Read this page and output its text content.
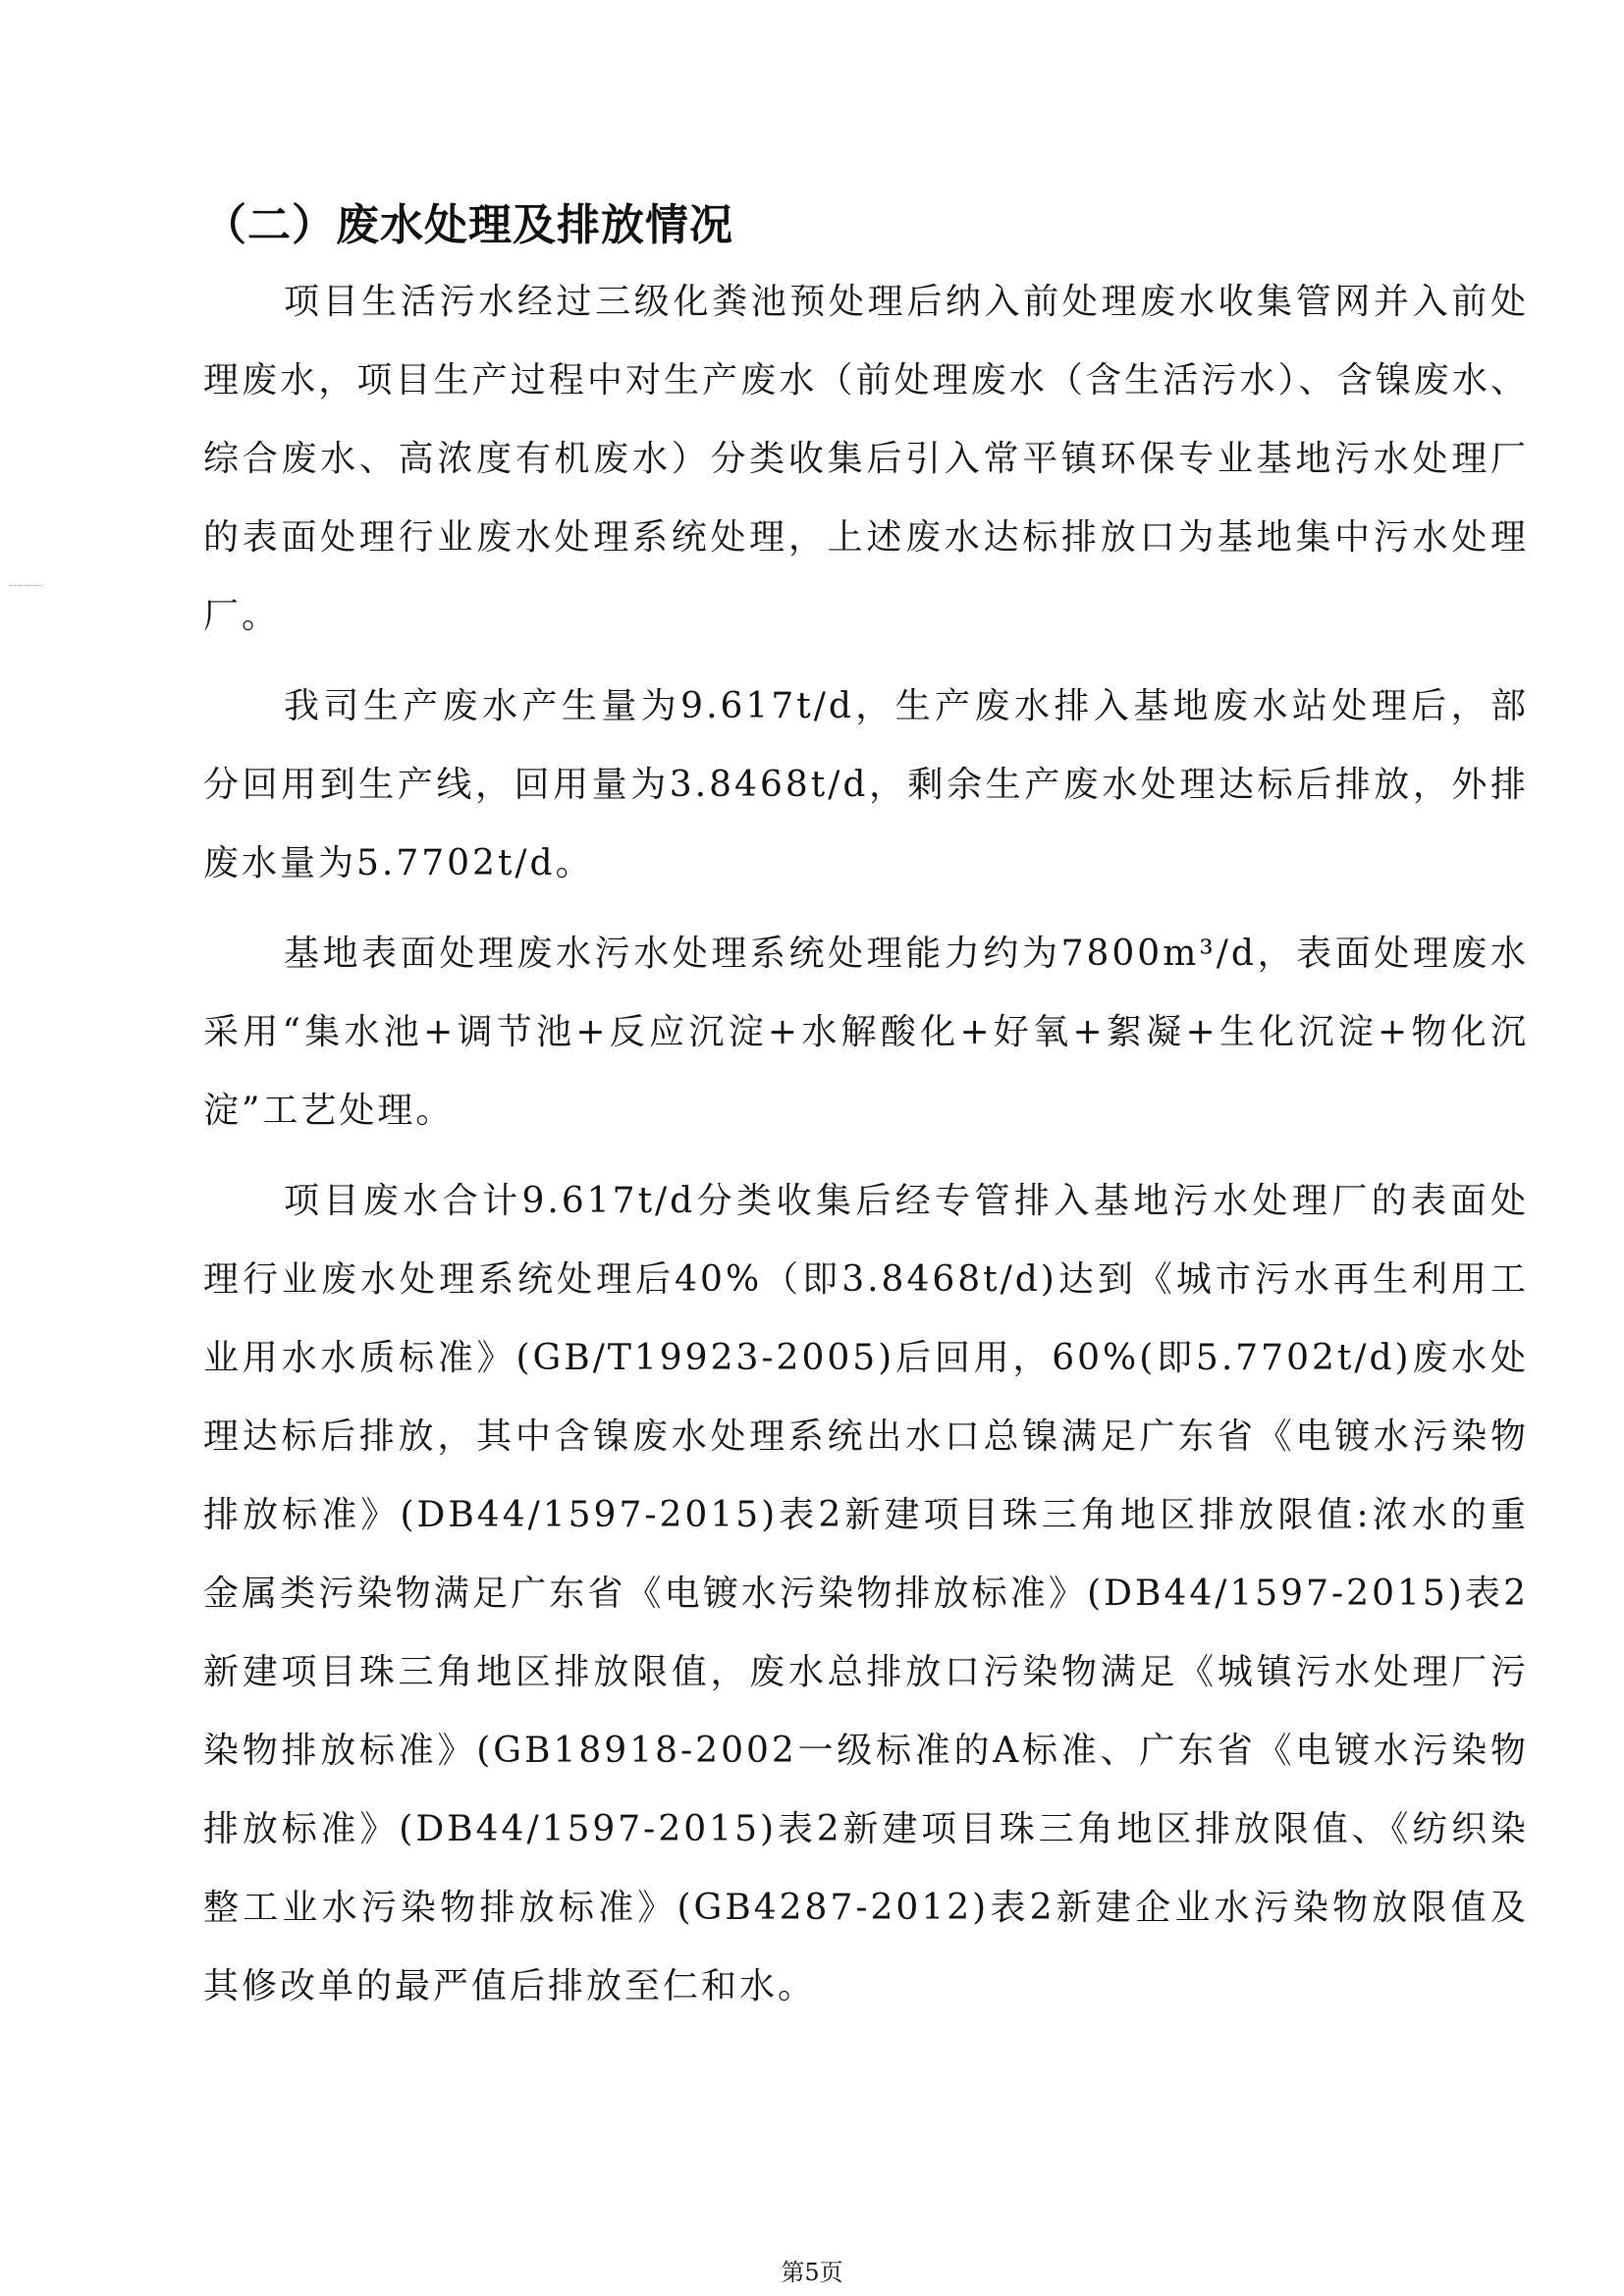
（二）废水处理及排放情况

项目生活污水经过三级化粪池预处理后纳入前处理废水收集管网并入前处理废水，项目生产过程中对生产废水（前处理废水（含生活污水）、含镍废水、综合废水、高浓度有机废水）分类收集后引入常平镇环保专业基地污水处理厂的表面处理行业废水处理系统处理，上述废水达标排放口为基地集中污水处理厂。

我司生产废水产生量为9.617t/d，生产废水排入基地废水站处理后，部分回用到生产线，回用量为3.8468t/d，剩余生产废水处理达标后排放，外排废水量为5.7702t/d。

基地表面处理废水污水处理系统处理能力约为7800m³/d，表面处理废水采用“集水池+调节池+反应沉淀+水解酸化+好氧+絮凝+生化沉淀+物化沉淀”工艺处理。

项目废水合计9.617t/d分类收集后经专管排入基地污水处理厂的表面处理行业废水处理系统处理后40%（即3.8468t/d)达到《城市污水再生利用工业用水水质标准》(GB/T19923-2005)后回用，60%(即5.7702t/d)废水处理达标后排放，其中含镍废水处理系统出水口总镍满足广东省《电镀水污染物排放标准》(DB44/1597-2015)表2新建项目珠三角地区排放限值:浓水的重金属类污染物满足广东省《电镀水污染物排放标准》(DB44/1597-2015)表2新建项目珠三角地区排放限值，废水总排放口污染物满足《城镇污水处理厂污染物排放标准》(GB18918-2002一级标准的A标准、广东省《电镀水污染物排放标准》(DB44/1597-2015)表2新建项目珠三角地区排放限值、《纺织染整工业水污染物排放标准》(GB4287-2012)表2新建企业水污染物放限值及其修改单的最严值后排放至仁和水。

第5页
